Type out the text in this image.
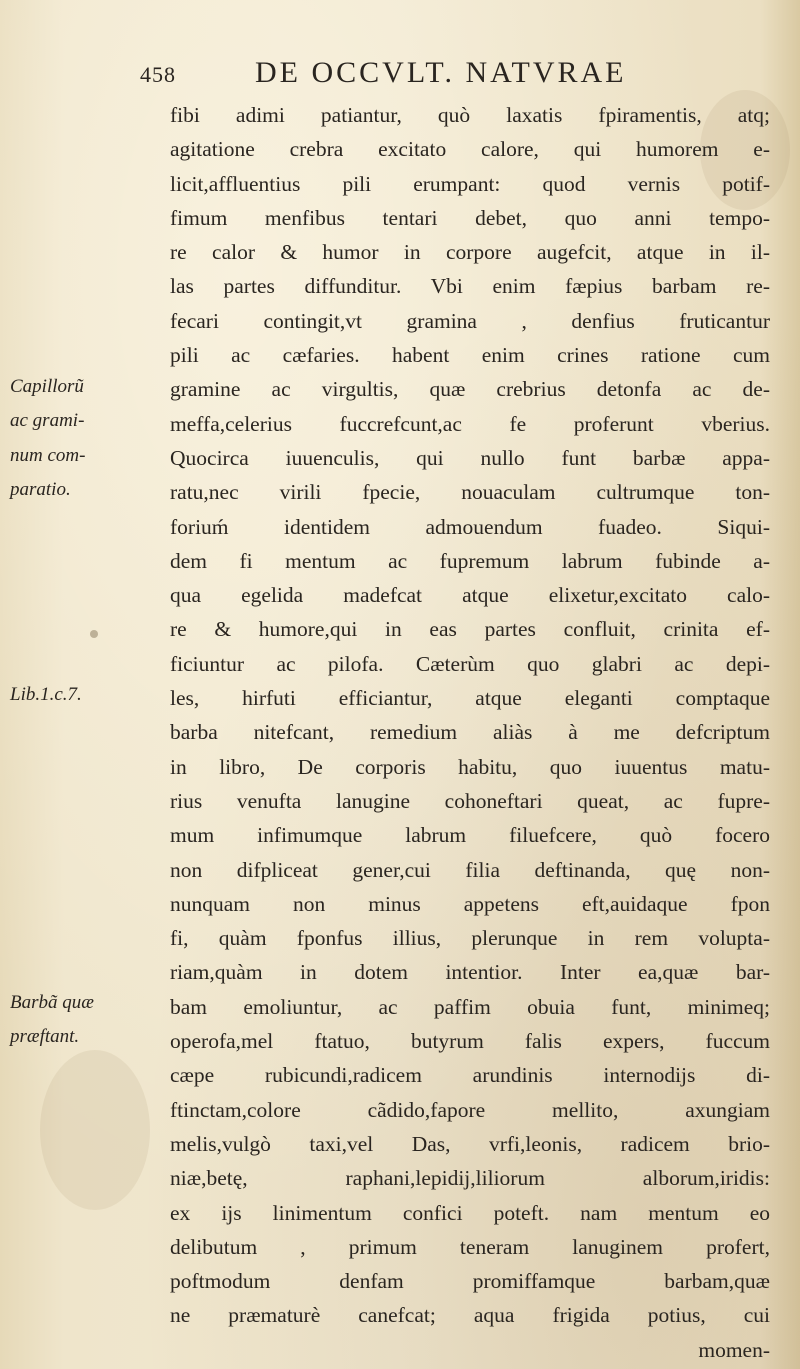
458	DE OCCVLT. NATVRAE
Capillorũ
ac grami-
num com-
paratio.
Lib.1.c.7.
Barbã quæ
præftant.
fibi adimi patiantur, quò laxatis fpiramentis, atq;
agitatione crebra excitato calore, qui humorem e-
licit,affluentius pili erumpant: quod vernis potif-
fimum menfibus tentari debet, quo anni tempo-
re calor & humor in corpore augefcit, atque in il-
las partes diffunditur. Vbi enim fæpius barbam re-
fecari contingit,vt gramina , denfius fruticantur
pili ac cæfaries. habent enim crines ratione cum
gramine ac virgultis, quæ crebrius detonfa ac de-
meffa,celerius fuccrefcunt,ac fe proferunt vberius.
Quocirca iuuenculis, qui nullo funt barbæ appa-
ratu,nec virili fpecie, nouaculam cultrumque ton-
foriuḿ identidem admouendum fuadeo. Siqui-
dem fi mentum ac fupremum labrum fubinde a-
qua egelida madefcat atque elixetur,excitato calo-
re & humore,qui in eas partes confluit, crinita ef-
ficiuntur ac pilofa. Cæterùm quo glabri ac depi-
les, hirfuti efficiantur, atque eleganti comptaque
barba nitefcant, remedium aliàs à me defcriptum
in libro, De corporis habitu, quo iuuentus matu-
rius venufta lanugine cohoneftari queat, ac fupre-
mum infimumque labrum filuefcere, quò focero
non difpliceat gener,cui filia deftinanda, quę non-
nunquam non minus appetens eft,auidaque fpon
fi, quàm fponfus illius, plerunque in rem volupta-
riam,quàm in dotem intentior. Inter ea,quæ bar-
bam emoliuntur, ac paffim obuia funt, minimeq;
operofa,mel ftatuo, butyrum falis expers, fuccum
cæpe rubicundi,radicem arundinis internodijs di-
ftinctam,colore cãdido,fapore mellito, axungiam
melis,vulgò taxi,vel Das, vrfi,leonis, radicem brio-
niæ,betę, raphani,lepidij,liliorum alborum,iridis:
ex ijs linimentum confici poteft. nam mentum eo
delibutum , primum teneram lanuginem profert,
poftmodum denfam promiffamque barbam,quæ
ne præmaturè canefcat; aqua frigida potius, cui
momen-
